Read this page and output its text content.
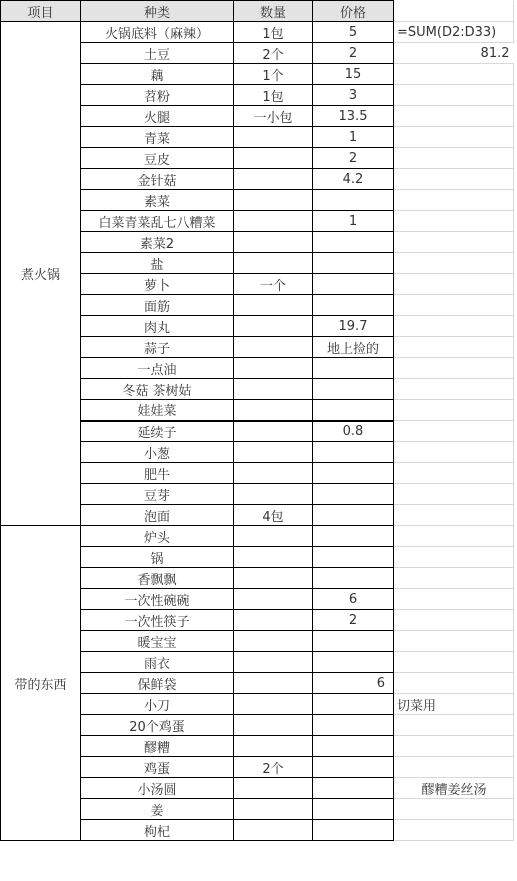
项目	种类	数量	价格	
煮火锅	火锅底料（麻辣）	1包	5	=SUM(D2:D33)
	土豆	2个	2	81.2
	藕	1个	15	
	苕粉	1包	3	
	火腿	一小包	13.5	
	青菜		1	
	豆皮		2	
	金针菇		4.2	
	素菜			
	白菜青菜乱七八糟菜		1	
	素菜2			
	盐			
	萝卜	一个		
	面筋			
	肉丸		19.7	
	蒜子		地上捡的	
	一点油			
	冬菇 茶树姑			
	娃娃菜			
	延续子		0.8	
	小葱			
	肥牛			
	豆芽			
	泡面	4包		
带的东西	炉头			
	锅			
	香飘飘			
	一次性碗碗		6	
	一次性筷子		2	
	暖宝宝			
	雨衣			
	保鲜袋		6	
	小刀			切菜用
	20个鸡蛋			
	醪糟			
	鸡蛋	2个		
	小汤圆			醪糟姜丝汤
	姜			
	枸杞			
